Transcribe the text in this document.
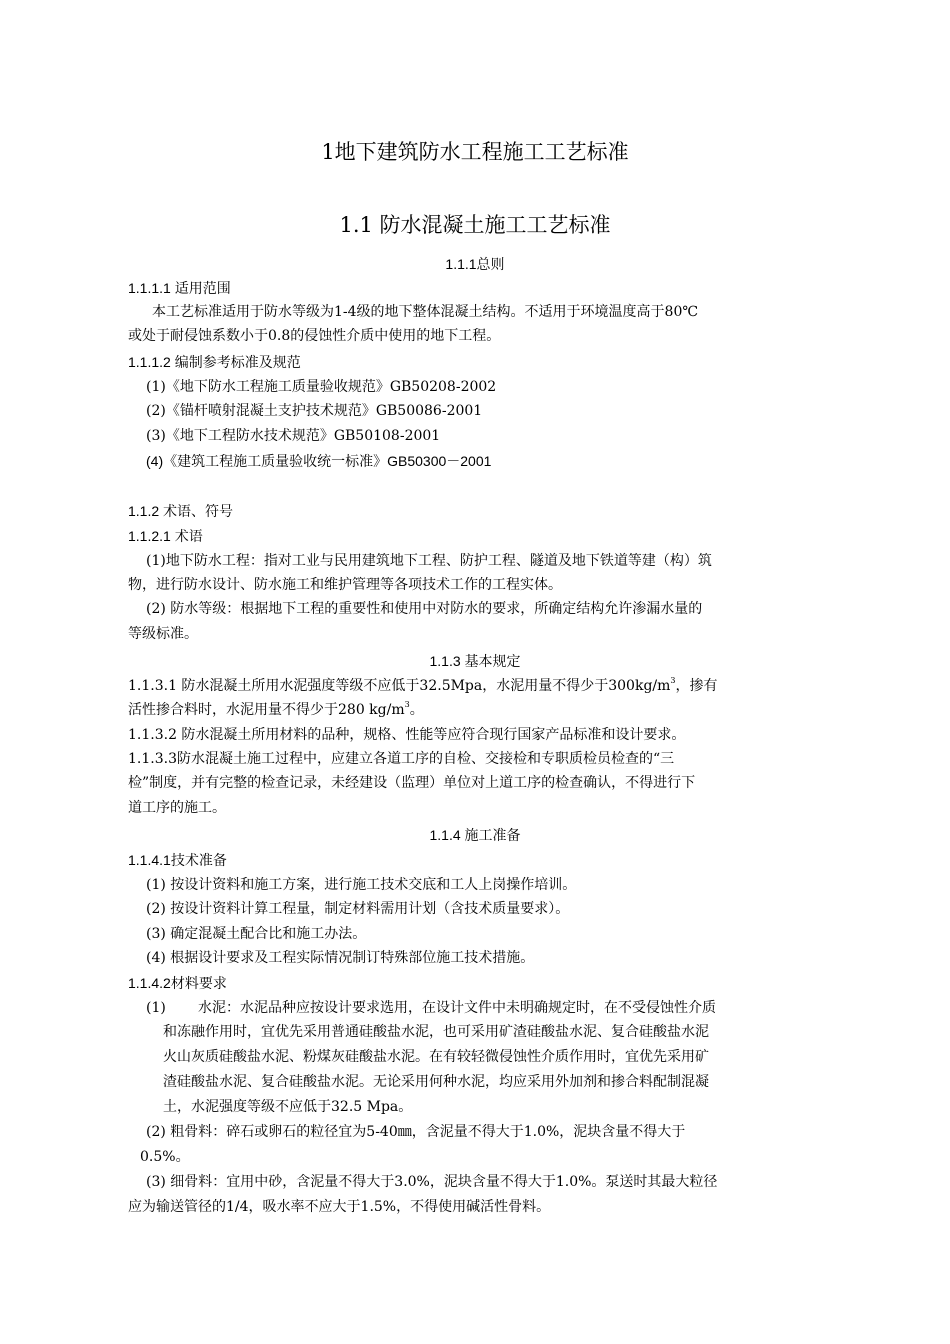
1地下建筑防水工程施工工艺标准
1.1 防水混凝土施工工艺标准
1.1.1总则
1.1.1.1 适用范围
本工艺标准适用于防水等级为1-4级的地下整体混凝土结构。不适用于环境温度高于80℃
或处于耐侵蚀系数小于0.8的侵蚀性介质中使用的地下工程。
1.1.1.2 编制参考标准及规范
(1)《地下防水工程施工质量验收规范》GB50208-2002
(2)《锚杆喷射混凝土支护技术规范》GB50086-2001
(3)《地下工程防水技术规范》GB50108-2001
(4)《建筑工程施工质量验收统一标准》GB50300－2001
1.1.2 术语、符号
1.1.2.1 术语
(1)地下防水工程：指对工业与民用建筑地下工程、防护工程、隧道及地下铁道等建（构）筑
物，进行防水设计、防水施工和维护管理等各项技术工作的工程实体。
(2) 防水等级：根据地下工程的重要性和使用中对防水的要求，所确定结构允许渗漏水量的
等级标准。
1.1.3 基本规定
1.1.3.1 防水混凝土所用水泥强度等级不应低于32.5Mpa，水泥用量不得少于$300kg/m^3$，掺有
活性掺合料时，水泥用量不得少于280 $kg/m^3$。
1.1.3.2 防水混凝土所用材料的品种，规格、性能等应符合现行国家产品标准和设计要求。
1.1.3.3防水混凝土施工过程中，应建立各道工序的自检、交接检和专职质检员检查的“三
检”制度，并有完整的检查记录，未经建设（监理）单位对上道工序的检查确认，不得进行下
道工序的施工。
1.1.4 施工准备
1.1.4.1技术准备
(1) 按设计资料和施工方案，进行施工技术交底和工人上岗操作培训。
(2) 按设计资料计算工程量，制定材料需用计划（含技术质量要求）。
(3) 确定混凝土配合比和施工办法。
(4) 根据设计要求及工程实际情况制订特殊部位施工技术措施。
1.1.4.2材料要求
(1) 水泥：水泥品种应按设计要求选用，在设计文件中未明确规定时，在不受侵蚀性介质
和冻融作用时，宜优先采用普通硅酸盐水泥，也可采用矿渣硅酸盐水泥、复合硅酸盐水泥
火山灰质硅酸盐水泥、粉煤灰硅酸盐水泥。在有较轻微侵蚀性介质作用时，宜优先采用矿
渣硅酸盐水泥、复合硅酸盐水泥。无论采用何种水泥，均应采用外加剂和掺合料配制混凝
土，水泥强度等级不应低于32.5 Mpa。
(2) 粗骨料：碎石或卵石的粒径宜为5-40㎜，含泥量不得大于1.0%，泥块含量不得大于
0.5%。
(3) 细骨料：宜用中砂，含泥量不得大于3.0%，泥块含量不得大于1.0%。泵送时其最大粒径
应为输送管径的1/4，吸水率不应大于1.5%，不得使用碱活性骨料。
